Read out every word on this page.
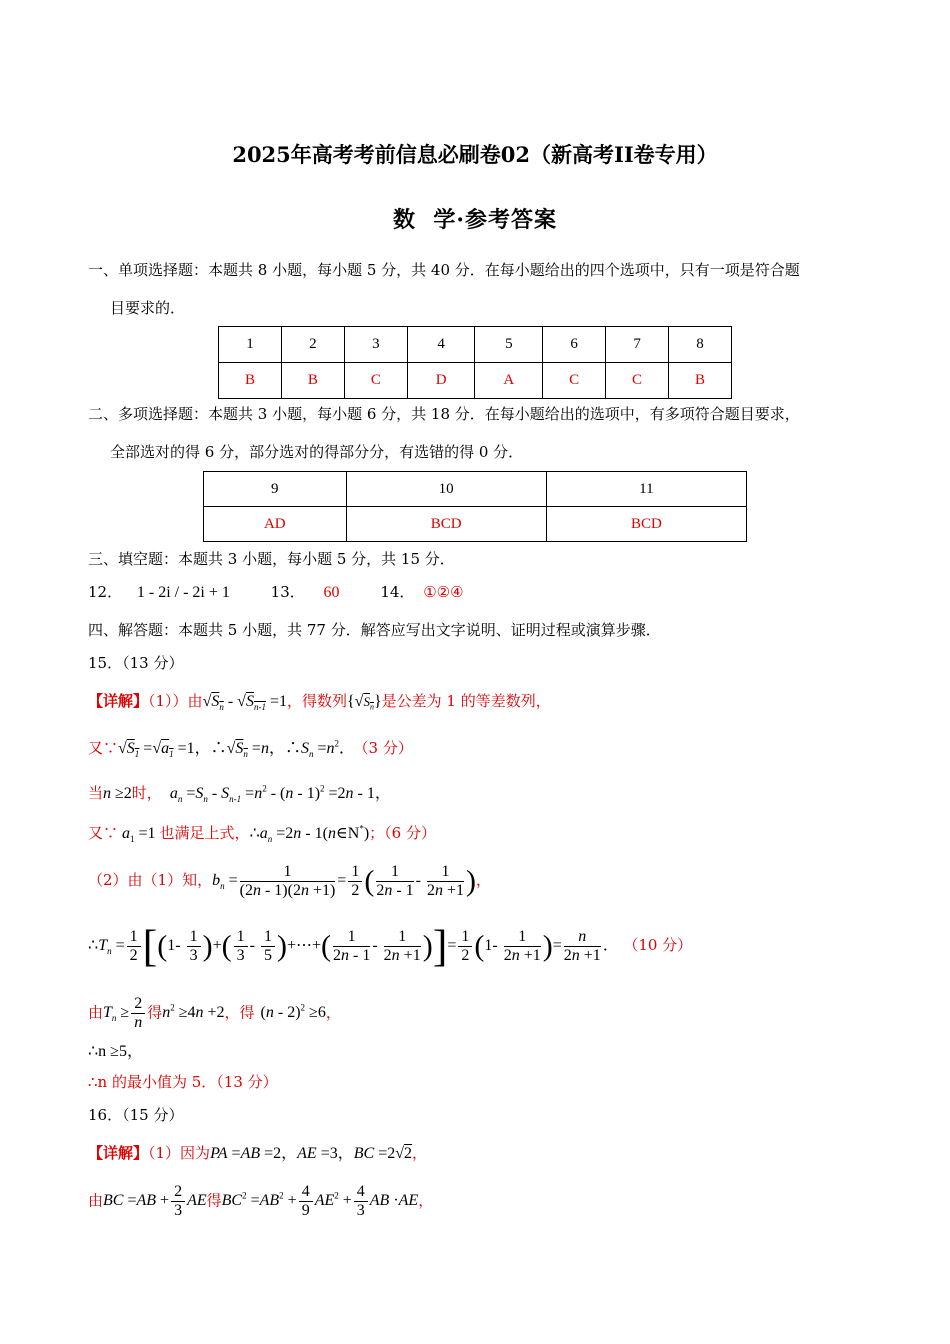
2025年高考考前信息必刷卷02（新高考II卷专用）
数  学·参考答案
一、单项选择题：本题共 8 小题，每小题 5 分，共 40 分．在每小题给出的四个选项中，只有一项是符合题
目要求的．
1	2	3	4	5	6	7	8
B	B	C	D	A	C	C	B
二、多项选择题：本题共 3 小题，每小题 6 分，共 18 分．在每小题给出的选项中，有多项符合题目要求，
全部选对的得 6 分，部分选对的得部分分，有选错的得 0 分．
9	10	11
AD	BCD	BCD
三、填空题：本题共 3 小题，每小题 5 分，共 15 分．
12． 1 - 2i / - 2i + 1	13． 60	14． ①②④
四、解答题：本题共 5 小题，共 77 分．解答应写出文字说明、证明过程或演算步骤．
15．（13 分）
【详解】（1））由$√S_n - √S_{n-1} =1$，得数列$\{√S_n\}$是公差为 1 的等差数列，
又$\because√S_1 =√a_1 =1$，$\therefore√S_n =n$，$\therefore S_n =n^2$． （3 分）
当n ≥2时， $a_n =S_n - S_{n-1} =n^2 - (n - 1)^2 =2n - 1$，
又∵ $a_1 =1$ 也满足上式，$\therefore a_n =2n$ - 1(n∈N*)；（6 分）
（2）由（1）知，$b_n = \frac{1}{(2n - 1)(2n +1)} = \frac{1}{2}$ ( $\frac{1}{2n - 1} - \frac{1}{2n +1}$ )，
$\therefore T_n = \frac{1}{2} [(1- \frac{1}{3}$ )+( $\frac{1}{3} - \frac{1}{5}$ )+⋯+( $\frac{1}{2n - 1} - \frac{1}{2n +1}$ )]= $\frac{1}{2} (1- \frac{1}{2n +1}$ )= $\frac{n}{2n +1}$ ． （10 分）
由$T_n \ge \frac{2}{n}$ 得$n^2 \ge 4n +2$，得 (n - 2)$^2$ ≥6，
∴n ≥5，
∴n 的最小值为 5．（13 分）
16．（15 分）
【详解】（1）因为PA =AB =2，AE =3，BC =2√2，
由BC $=AB + \frac{2}{3}$ AE得$BC^2 =AB^2 + \frac{4}{9} AE^2 + \frac{4}{3}$ AB ·AE，
